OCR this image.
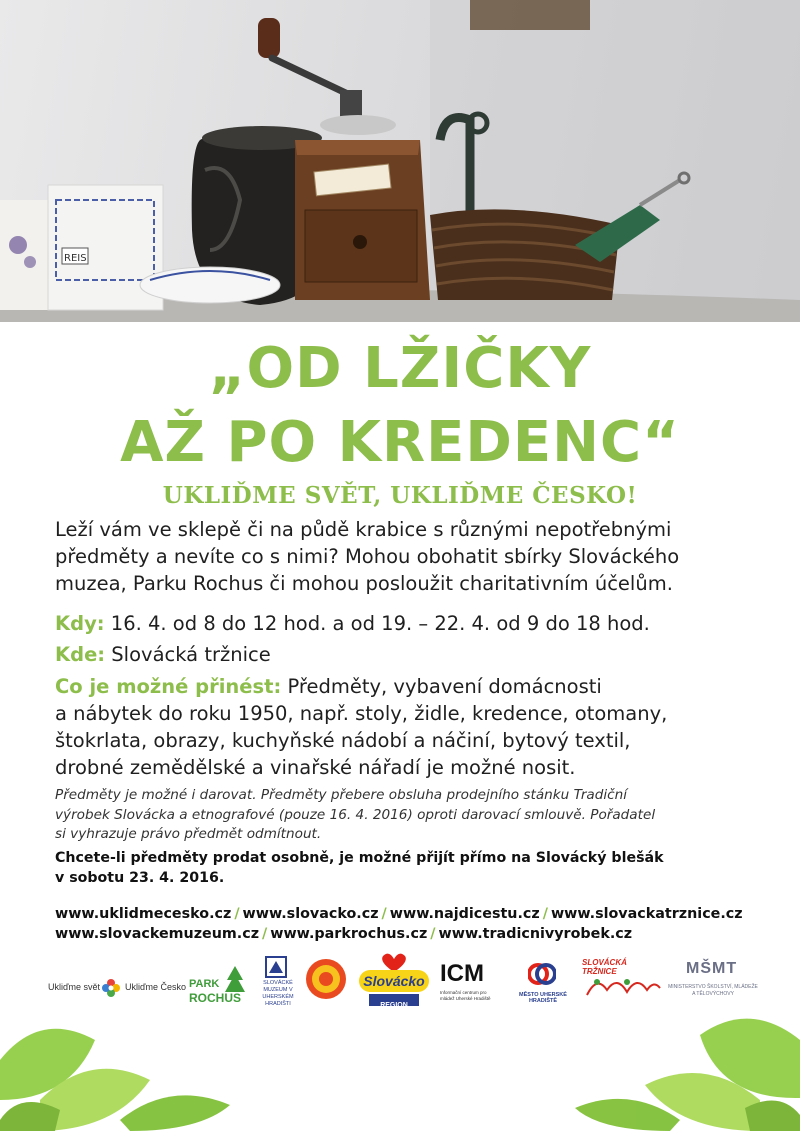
REIS
„OD LŽIČKY
AŽ PO KREDENC“
UKLIĎME SVĚT, UKLIĎME ČESKO!
Leží vám ve sklepě či na půdě krabice s různými nepotřebnými
předměty a nevíte co s nimi? Mohou obohatit sbírky Slováckého
muzea, Parku Rochus či mohou posloužit charitativním účelům.
Kdy: 16. 4. od 8 do 12 hod. a od 19. – 22. 4. od 9 do 18 hod.
Kde: Slovácká tržnice
Co je možné přinést: Předměty, vybavení domácnosti
a nábytek do roku 1950, např. stoly, židle, kredence, otomany,
štokrlata, obrazy, kuchyňské nádobí a náčiní, bytový textil,
drobné zemědělské a vinařské nářadí je možné nosit.
Předměty je možné i darovat. Předměty přebere obsluha prodejního stánku Tradiční
výrobek Slovácka a etnografové (pouze 16. 4. 2016) oproti darovací smlouvě. Pořadatel
si vyhrazuje právo předmět odmítnout.
Chcete-li předměty prodat osobně, je možné přijít přímo na Slovácký blešák
v sobotu 23. 4. 2016.
www.uklidmecesko.cz / www.slovacko.cz / www.najdicestu.cz / www.slovackatrznice.cz
www.slovackemuzeum.cz / www.parkrochus.cz / www.tradicnivyrobek.cz
Ukliďme svět	Ukliďme Česko PARK
ROCHUS
SLOVÁCKÉ MUZEUM V UHERSKÉM HRADIŠTI
Slovácko
REGION
ICM
Informační centrum pro mládež Uherské Hradiště
MĚSTO UHERSKÉ HRADIŠTĚ
SLOVÁCKÁ TRŽNICE	MŠMT
MINISTERSTVO ŠKOLSTVÍ, MLÁDEŽE A TĚLOVÝCHOVY
